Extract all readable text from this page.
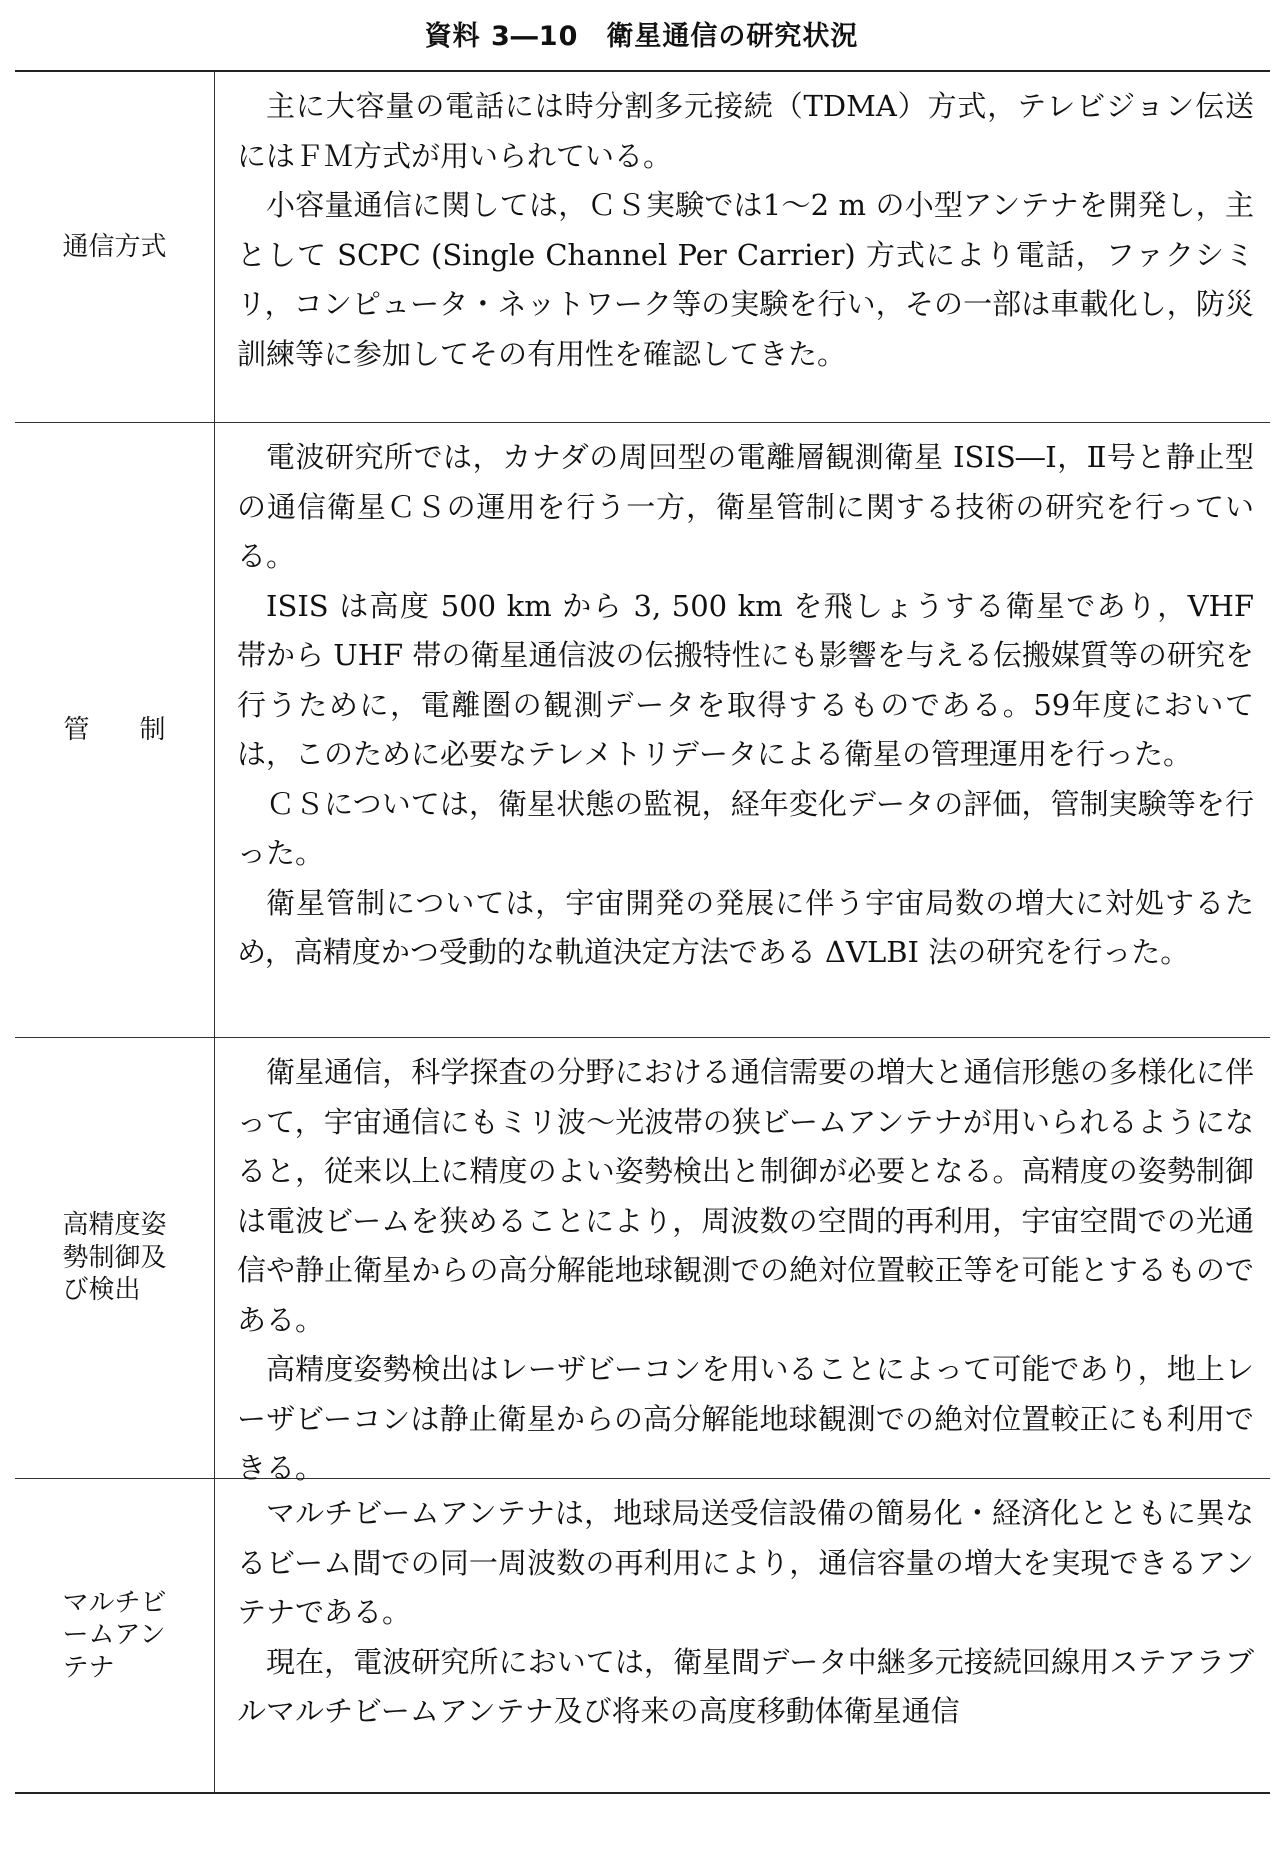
資料 3―10　衛星通信の研究状況
通信方式

主に大容量の電話には時分割多元接続（TDMA）方式，テレビジョン伝送にはＦＭ方式が用いられている。

小容量通信に関しては，ＣＳ実験では1～2 m の小型アンテナを開発し，主として SCPC (Single Channel Per Carrier) 方式により電話，ファクシミリ，コンピュータ・ネットワーク等の実験を行い，その一部は車載化し，防災訓練等に参加してその有用性を確認してきた。

管制

電波研究所では，カナダの周回型の電離層観測衛星 ISIS―Ⅰ，Ⅱ号と静止型の通信衛星ＣＳの運用を行う一方，衛星管制に関する技術の研究を行っている。

ISIS は高度 500 km から 3, 500 km を飛しょうする衛星であり，VHF 帯から UHF 帯の衛星通信波の伝搬特性にも影響を与える伝搬媒質等の研究を行うために，電離圏の観測データを取得するものである。59年度においては，このために必要なテレメトリデータによる衛星の管理運用を行った。

ＣＳについては，衛星状態の監視，経年変化データの評価，管制実験等を行った。

衛星管制については，宇宙開発の発展に伴う宇宙局数の増大に対処するため，高精度かつ受動的な軌道決定方法である ΔVLBI 法の研究を行った。

高精度姿
勢制御及
び検出

衛星通信，科学探査の分野における通信需要の増大と通信形態の多様化に伴って，宇宙通信にもミリ波～光波帯の狭ビームアンテナが用いられるようになると，従来以上に精度のよい姿勢検出と制御が必要となる。高精度の姿勢制御は電波ビームを狭めることにより，周波数の空間的再利用，宇宙空間での光通信や静止衛星からの高分解能地球観測での絶対位置較正等を可能とするものである。

高精度姿勢検出はレーザビーコンを用いることによって可能であり，地上レーザビーコンは静止衛星からの高分解能地球観測での絶対位置較正にも利用できる。

マルチビ
ームアン
テナ

マルチビームアンテナは，地球局送受信設備の簡易化・経済化とともに異なるビーム間での同一周波数の再利用により，通信容量の増大を実現できるアンテナである。

現在，電波研究所においては，衛星間データ中継多元接続回線用ステアラブルマルチビームアンテナ及び将来の高度移動体衛星通信
